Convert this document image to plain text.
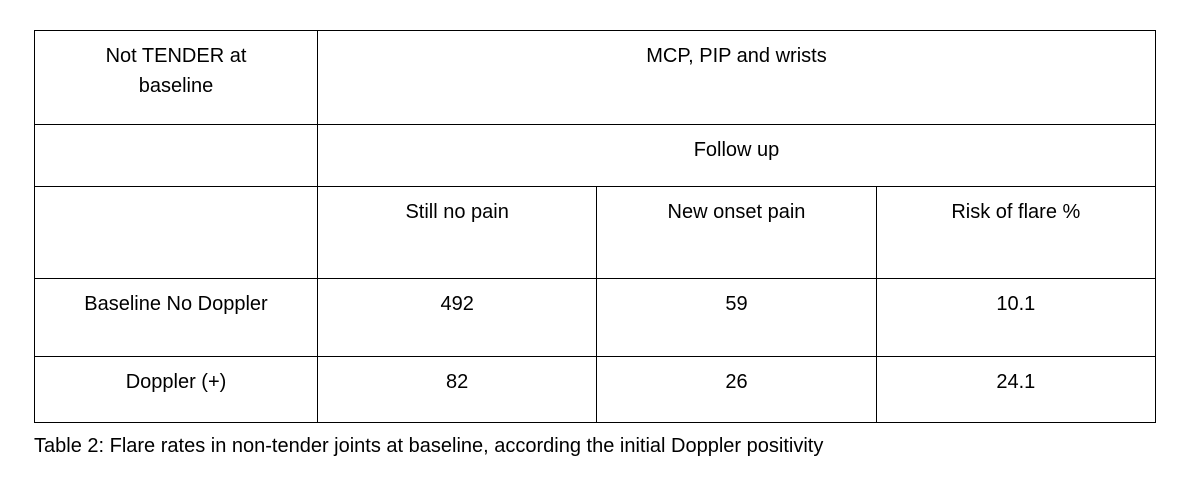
Not TENDER at
baseline	MCP, PIP and wrists		
	Follow up		
	Still no pain	New onset pain	Risk of flare %
Baseline No Doppler	492	59	10.1
Doppler (+)	82	26	24.1
Table 2: Flare rates in non-tender joints at baseline, according the initial Doppler positivity
